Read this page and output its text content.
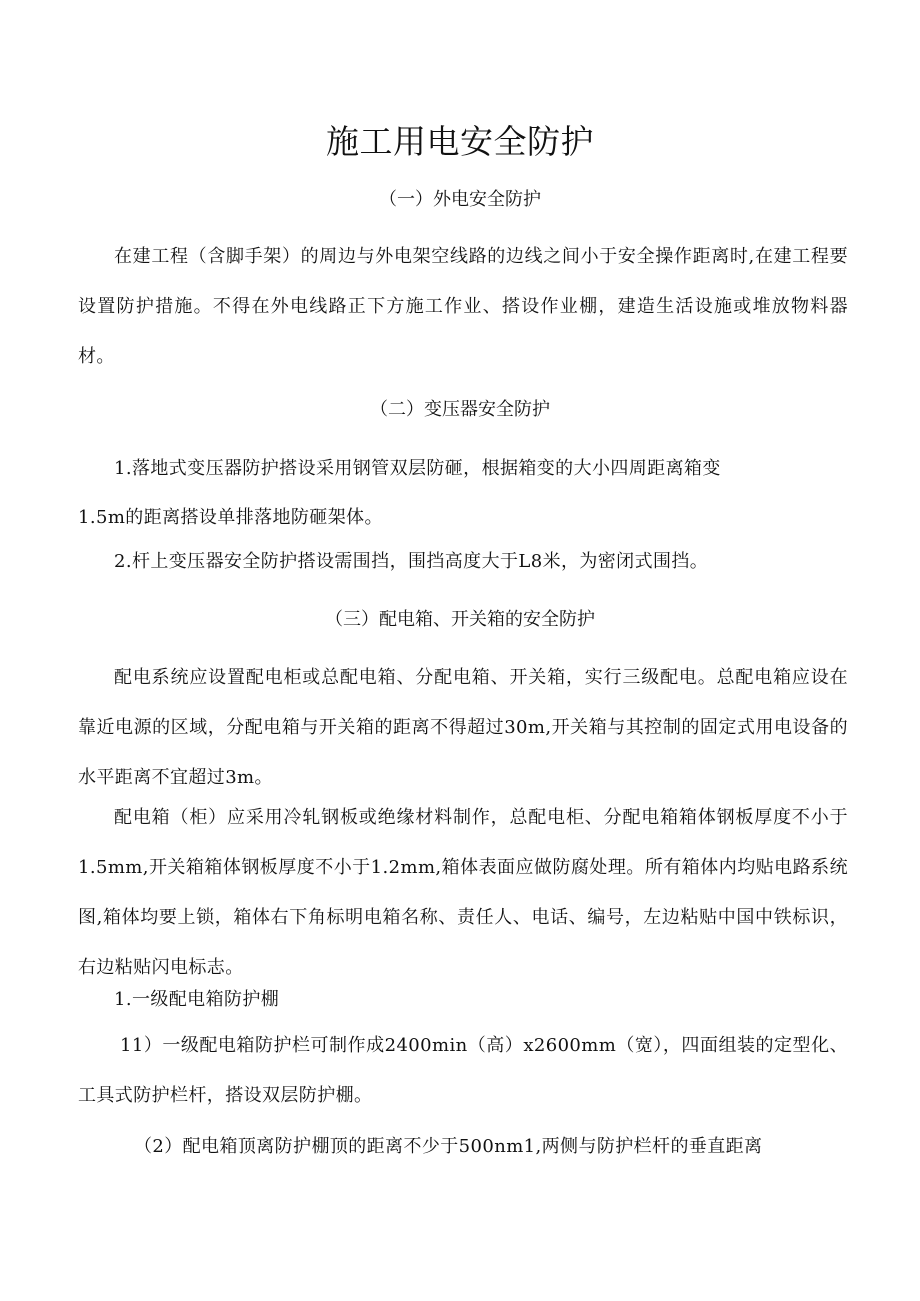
施工用电安全防护
（一）外电安全防护
在建工程（含脚手架）的周边与外电架空线路的边线之间小于安全操作距离时,在建工程要设置防护措施。不得在外电线路正下方施工作业、搭设作业棚，建造生活设施或堆放物料器材。
（二）变压器安全防护
1.落地式变压器防护搭设采用钢管双层防砸，根据箱变的大小四周距离箱变
1.5m的距离搭设单排落地防砸架体。
2.杆上变压器安全防护搭设需围挡，围挡高度大于L8米，为密闭式围挡。
（三）配电箱、开关箱的安全防护
配电系统应设置配电柜或总配电箱、分配电箱、开关箱，实行三级配电。总配电箱应设在靠近电源的区域，分配电箱与开关箱的距离不得超过30m,开关箱与其控制的固定式用电设备的水平距离不宜超过3m。
配电箱（柜）应采用冷轧钢板或绝缘材料制作，总配电柜、分配电箱箱体钢板厚度不小于1.5mm,开关箱箱体钢板厚度不小于1.2mm,箱体表面应做防腐处理。所有箱体内均贴电路系统图,箱体均要上锁，箱体右下角标明电箱名称、责任人、电话、编号，左边粘贴中国中铁标识，右边粘贴闪电标志。
1.一级配电箱防护棚
11）一级配电箱防护栏可制作成2400min（高）x2600mm（宽），四面组装的定型化、工具式防护栏杆，搭设双层防护棚。
（2）配电箱顶离防护棚顶的距离不少于500nm1,两侧与防护栏杆的垂直距离
